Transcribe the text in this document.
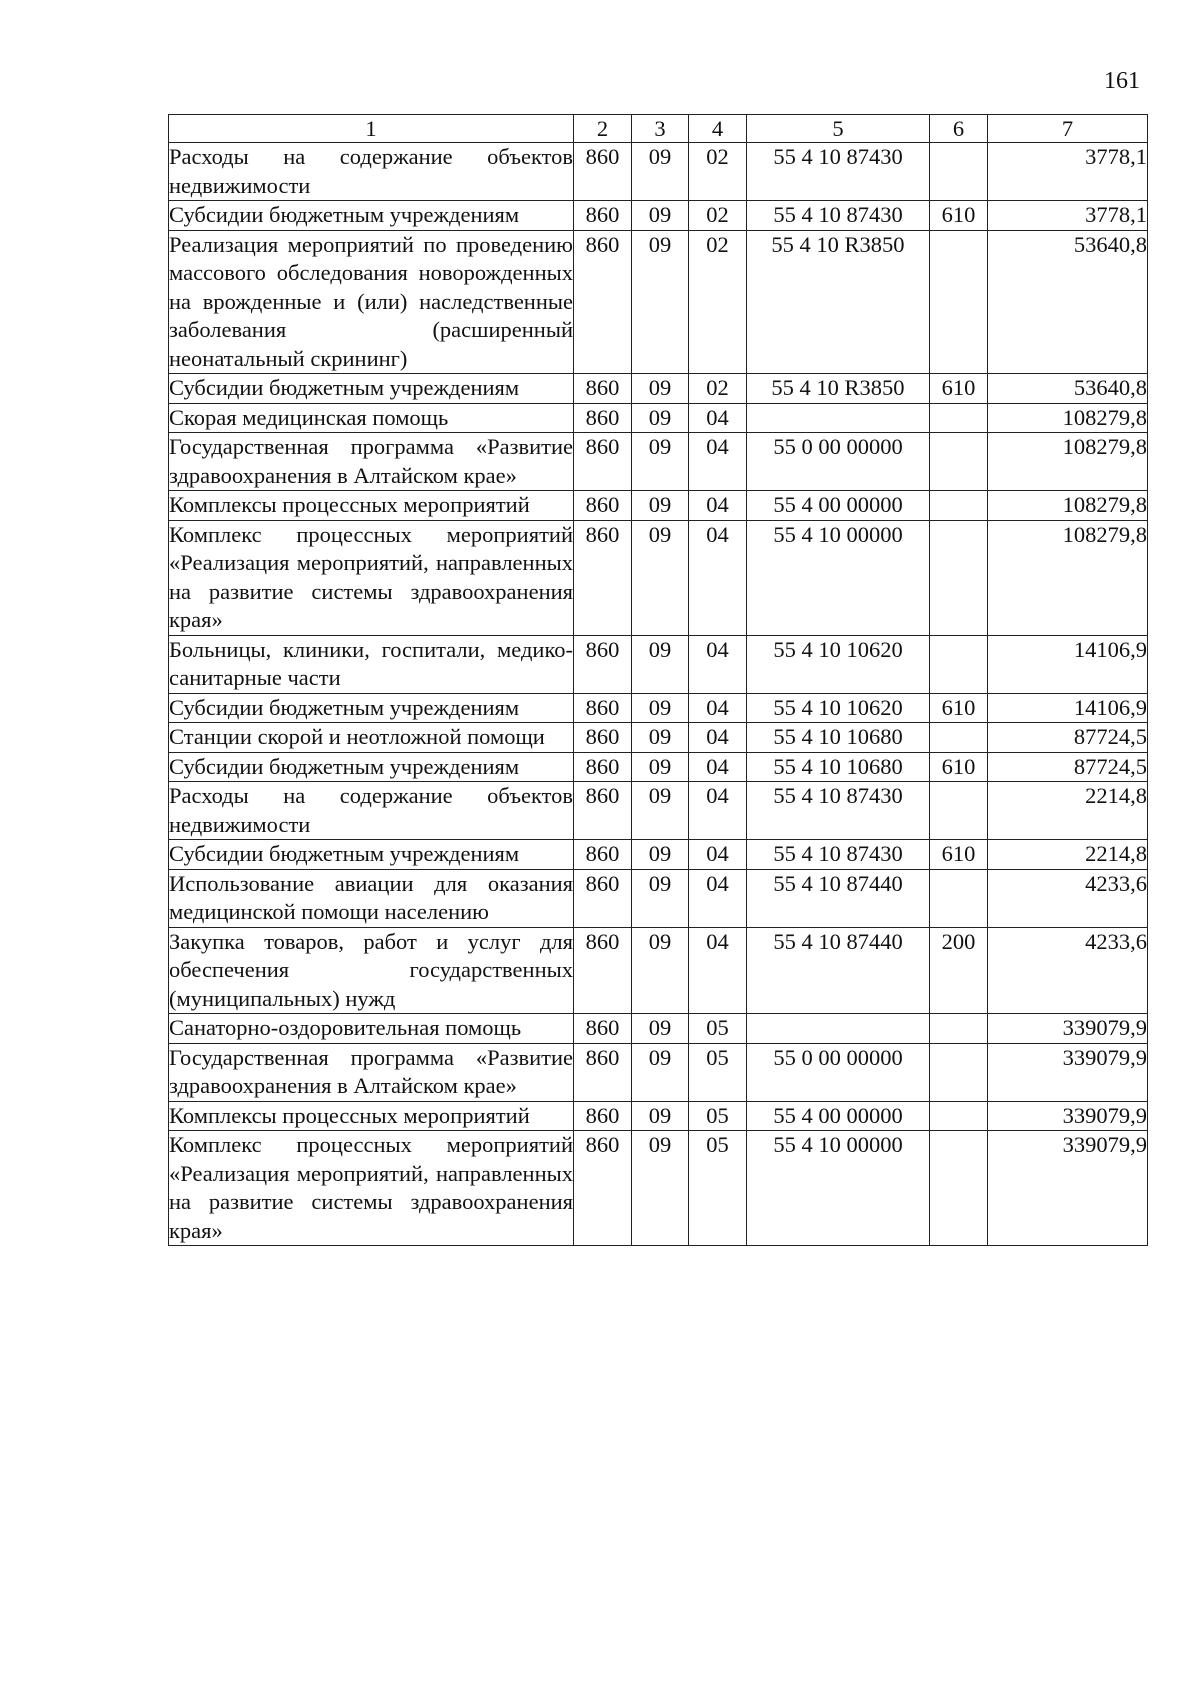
161
1	2	3	4	5	6	7
Расходы на содержание объектов недвижимости	860	09	02	55 4 10 87430		3778,1
Субсидии бюджетным учреждениям	860	09	02	55 4 10 87430	610	3778,1
Реализация мероприятий по проведению массового обследования новорожденных на врожденные и (или) наследственные заболевания (расширенный неонатальный скрининг)	860	09	02	55 4 10 R3850		53640,8
Субсидии бюджетным учреждениям	860	09	02	55 4 10 R3850	610	53640,8
Скорая медицинская помощь	860	09	04			108279,8
Государственная программа «Развитие здравоохранения в Алтайском крае»	860	09	04	55 0 00 00000		108279,8
Комплексы процессных мероприятий	860	09	04	55 4 00 00000		108279,8
Комплекс процессных мероприятий «Реализация мероприятий, направленных на развитие системы здравоохранения края»	860	09	04	55 4 10 00000		108279,8
Больницы, клиники, госпитали, медико-санитарные части	860	09	04	55 4 10 10620		14106,9
Субсидии бюджетным учреждениям	860	09	04	55 4 10 10620	610	14106,9
Станции скорой и неотложной помощи	860	09	04	55 4 10 10680		87724,5
Субсидии бюджетным учреждениям	860	09	04	55 4 10 10680	610	87724,5
Расходы на содержание объектов недвижимости	860	09	04	55 4 10 87430		2214,8
Субсидии бюджетным учреждениям	860	09	04	55 4 10 87430	610	2214,8
Использование авиации для оказания медицинской помощи населению	860	09	04	55 4 10 87440		4233,6
Закупка товаров, работ и услуг для обеспечения государственных (муниципальных) нужд	860	09	04	55 4 10 87440	200	4233,6
Санаторно-оздоровительная помощь	860	09	05			339079,9
Государственная программа «Развитие здравоохранения в Алтайском крае»	860	09	05	55 0 00 00000		339079,9
Комплексы процессных мероприятий	860	09	05	55 4 00 00000		339079,9
Комплекс процессных мероприятий «Реализация мероприятий, направленных на развитие системы здравоохранения края»	860	09	05	55 4 10 00000		339079,9
